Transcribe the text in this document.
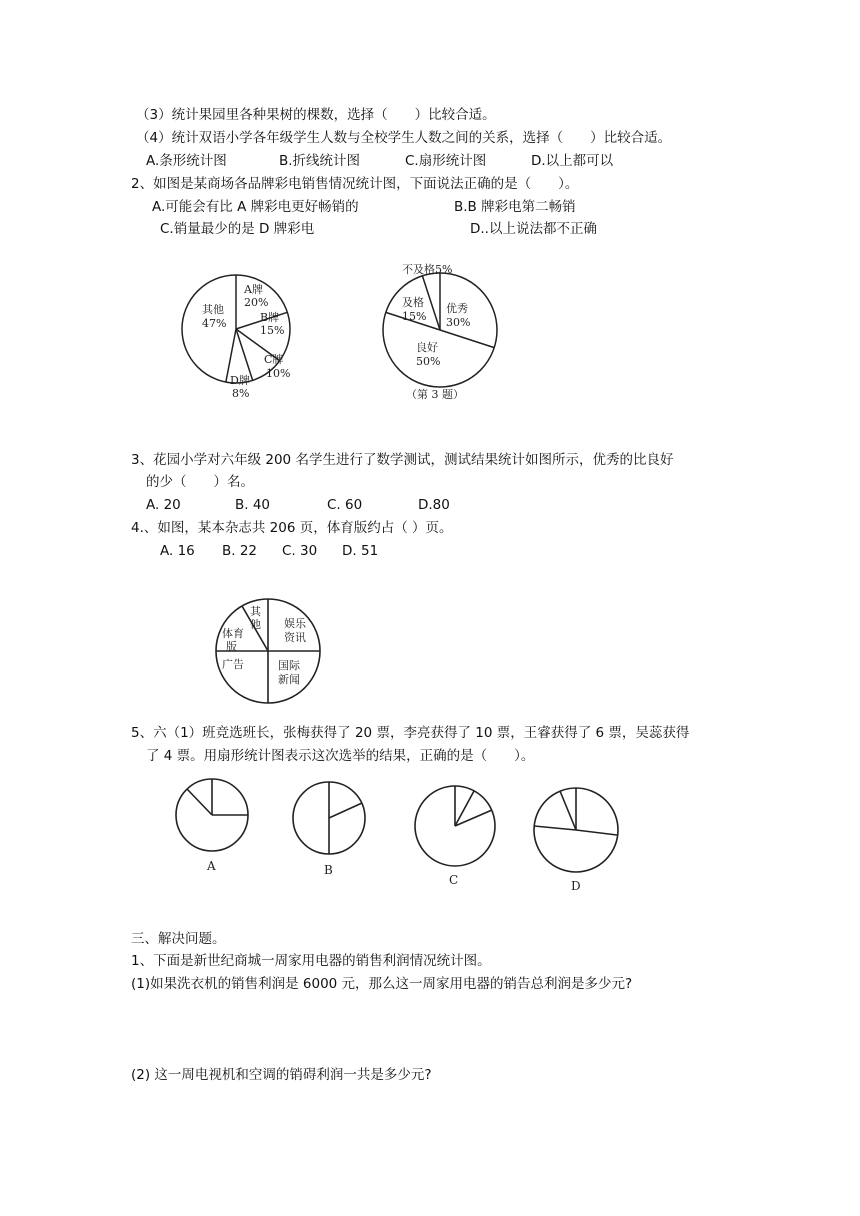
（3）统计果园里各种果树的棵数，选择（　　）比较合适。
（4）统计双语小学各年级学生人数与全校学生人数之间的关系，选择（　　）比较合适。
A.条形统计图	B.折线统计图	C.扇形统计图	D.以上都可以
2、如图是某商场各品牌彩电销售情况统计图，下面说法正确的是（　　）。
A.可能会有比 A 牌彩电更好畅销的	B.B 牌彩电第二畅销
C.销量最少的是 D 牌彩电	D..以上说法都不正确
A牌
20%
B牌
15%
C牌
10%
D牌
8%
其他
47%
不及格5%
及格
15%
优秀
30%
良好
50%
（第 3 题）
3、花园小学对六年级 200 名学生进行了数学测试，测试结果统计如图所示，优秀的比良好
的少（　　）名。
A. 20	B. 40	C. 60	D.80
4.、如图，某本杂志共 206 页，体育版约占（ ）页。
A. 16 B. 22 C. 30 D. 51
其
他
体育
版
娱乐
资讯
广告	国际
新闻
5、六（1）班竞选班长，张梅获得了 20 票，李亮获得了 10 票，王睿获得了 6 票，吴蕊获得
了 4 票。用扇形统计图表示这次选举的结果，正确的是（　　）。
A	B
C	D
三、解决问题。
1、下面是新世纪商城一周家用电器的销售利润情况统计图。
(1)如果洗衣机的销售利润是 6000 元，那么这一周家用电器的销告总利润是多少元?
(2) 这一周电视机和空调的销碍利润一共是多少元?
